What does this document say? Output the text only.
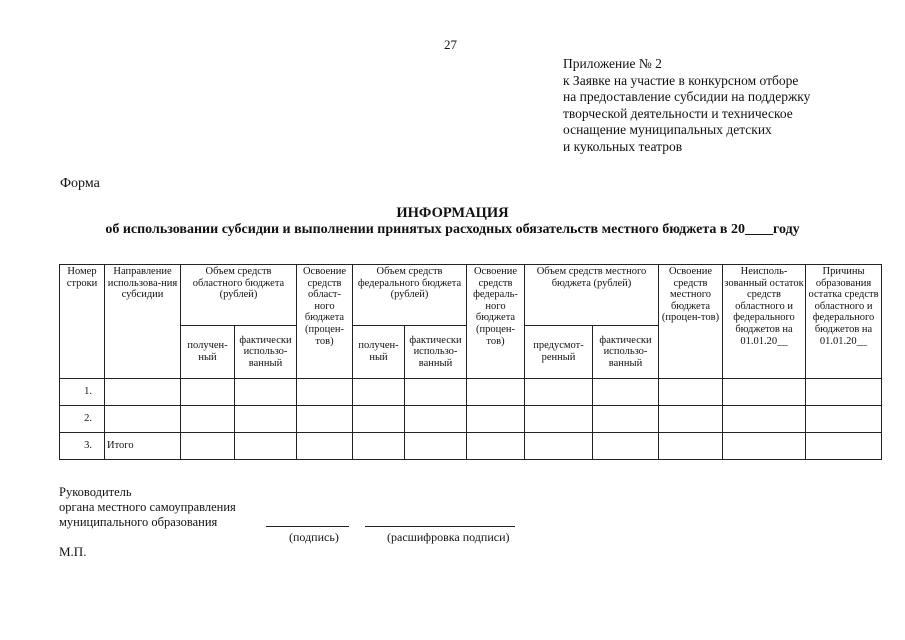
27
Приложение № 2
к Заявке на участие в конкурсном отборе
на предоставление субсидии на поддержку
творческой деятельности и техническое
оснащение муниципальных детских
и кукольных театров
Форма
ИНФОРМАЦИЯ
об использовании субсидии и выполнении принятых расходных обязательств местного бюджета в 20____году
Номер строки	Направление использова-ния субсидии	Объем средств областного бюджета (рублей)		Освоение средств област-ного бюджета (процен-тов)	Объем средств федерального бюджета (рублей)		Освоение средств федераль-ного бюджета (процен-тов)	Объем средств местного бюджета (рублей)		Освоение средств местного бюджета (процен-тов)	Неисполь-зованный остаток средств областного и федерального бюджетов на 01.01.20__	Причины образования остатка средств областного и федерального бюджетов на 01.01.20__
		получен-ный	фактически использо-ванный		получен-ный	фактически использо-ванный		предусмот-ренный	фактически использо-ванный			
1.												
2.												
3.	Итого											
Руководитель
органа местного самоуправления
муниципального образования
(подпись)	(расшифровка подписи)
М.П.
